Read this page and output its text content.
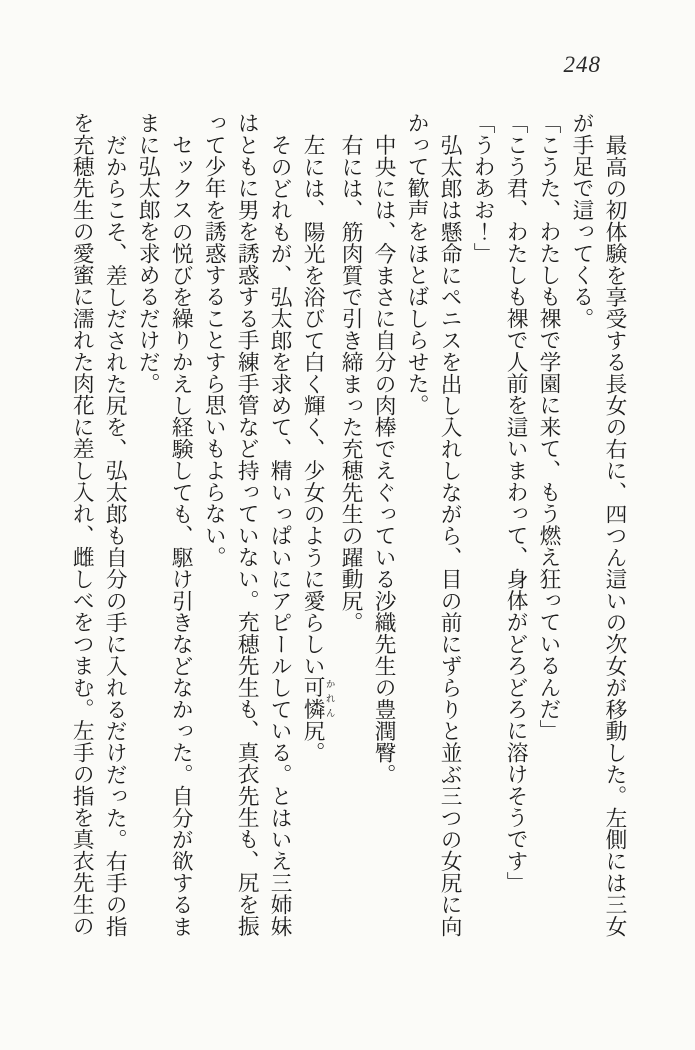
248

最高の初体験を享受する長女の右に、四つん這いの次女が移動した。左側には三女が手足で這ってくる。

「こうた、わたしも裸で学園に来て、もう燃え狂っているんだ」

「こう君、わたしも裸で人前を這いまわって、身体がどろどろに溶けそうです」

「うわあお！」

弘太郎は懸命にペニスを出し入れしながら、目の前にずらりと並ぶ三つの女尻に向かって歓声をほとばしらせた。

中央には、今まさに自分の肉棒でえぐっている沙織先生の豊潤臀。

右には、筋肉質で引き締まった充穂先生の躍動尻。

左には、陽光を浴びて白く輝く、少女のように愛らしい可憐かれん尻。

そのどれもが、弘太郎を求めて、精いっぱいにアピールしている。とはいえ三姉妹はともに男を誘惑する手練手管など持っていない。充穂先生も、真衣先生も、尻を振って少年を誘惑することすら思いもよらない。

セックスの悦びを繰りかえし経験しても、駆け引きなどなかった。自分が欲するままに弘太郎を求めるだけだ。

だからこそ、差しだされた尻を、弘太郎も自分の手に入れるだけだった。右手の指を充穂先生の愛蜜に濡れた肉花に差し入れ、雌しべをつまむ。左手の指を真衣先生の
